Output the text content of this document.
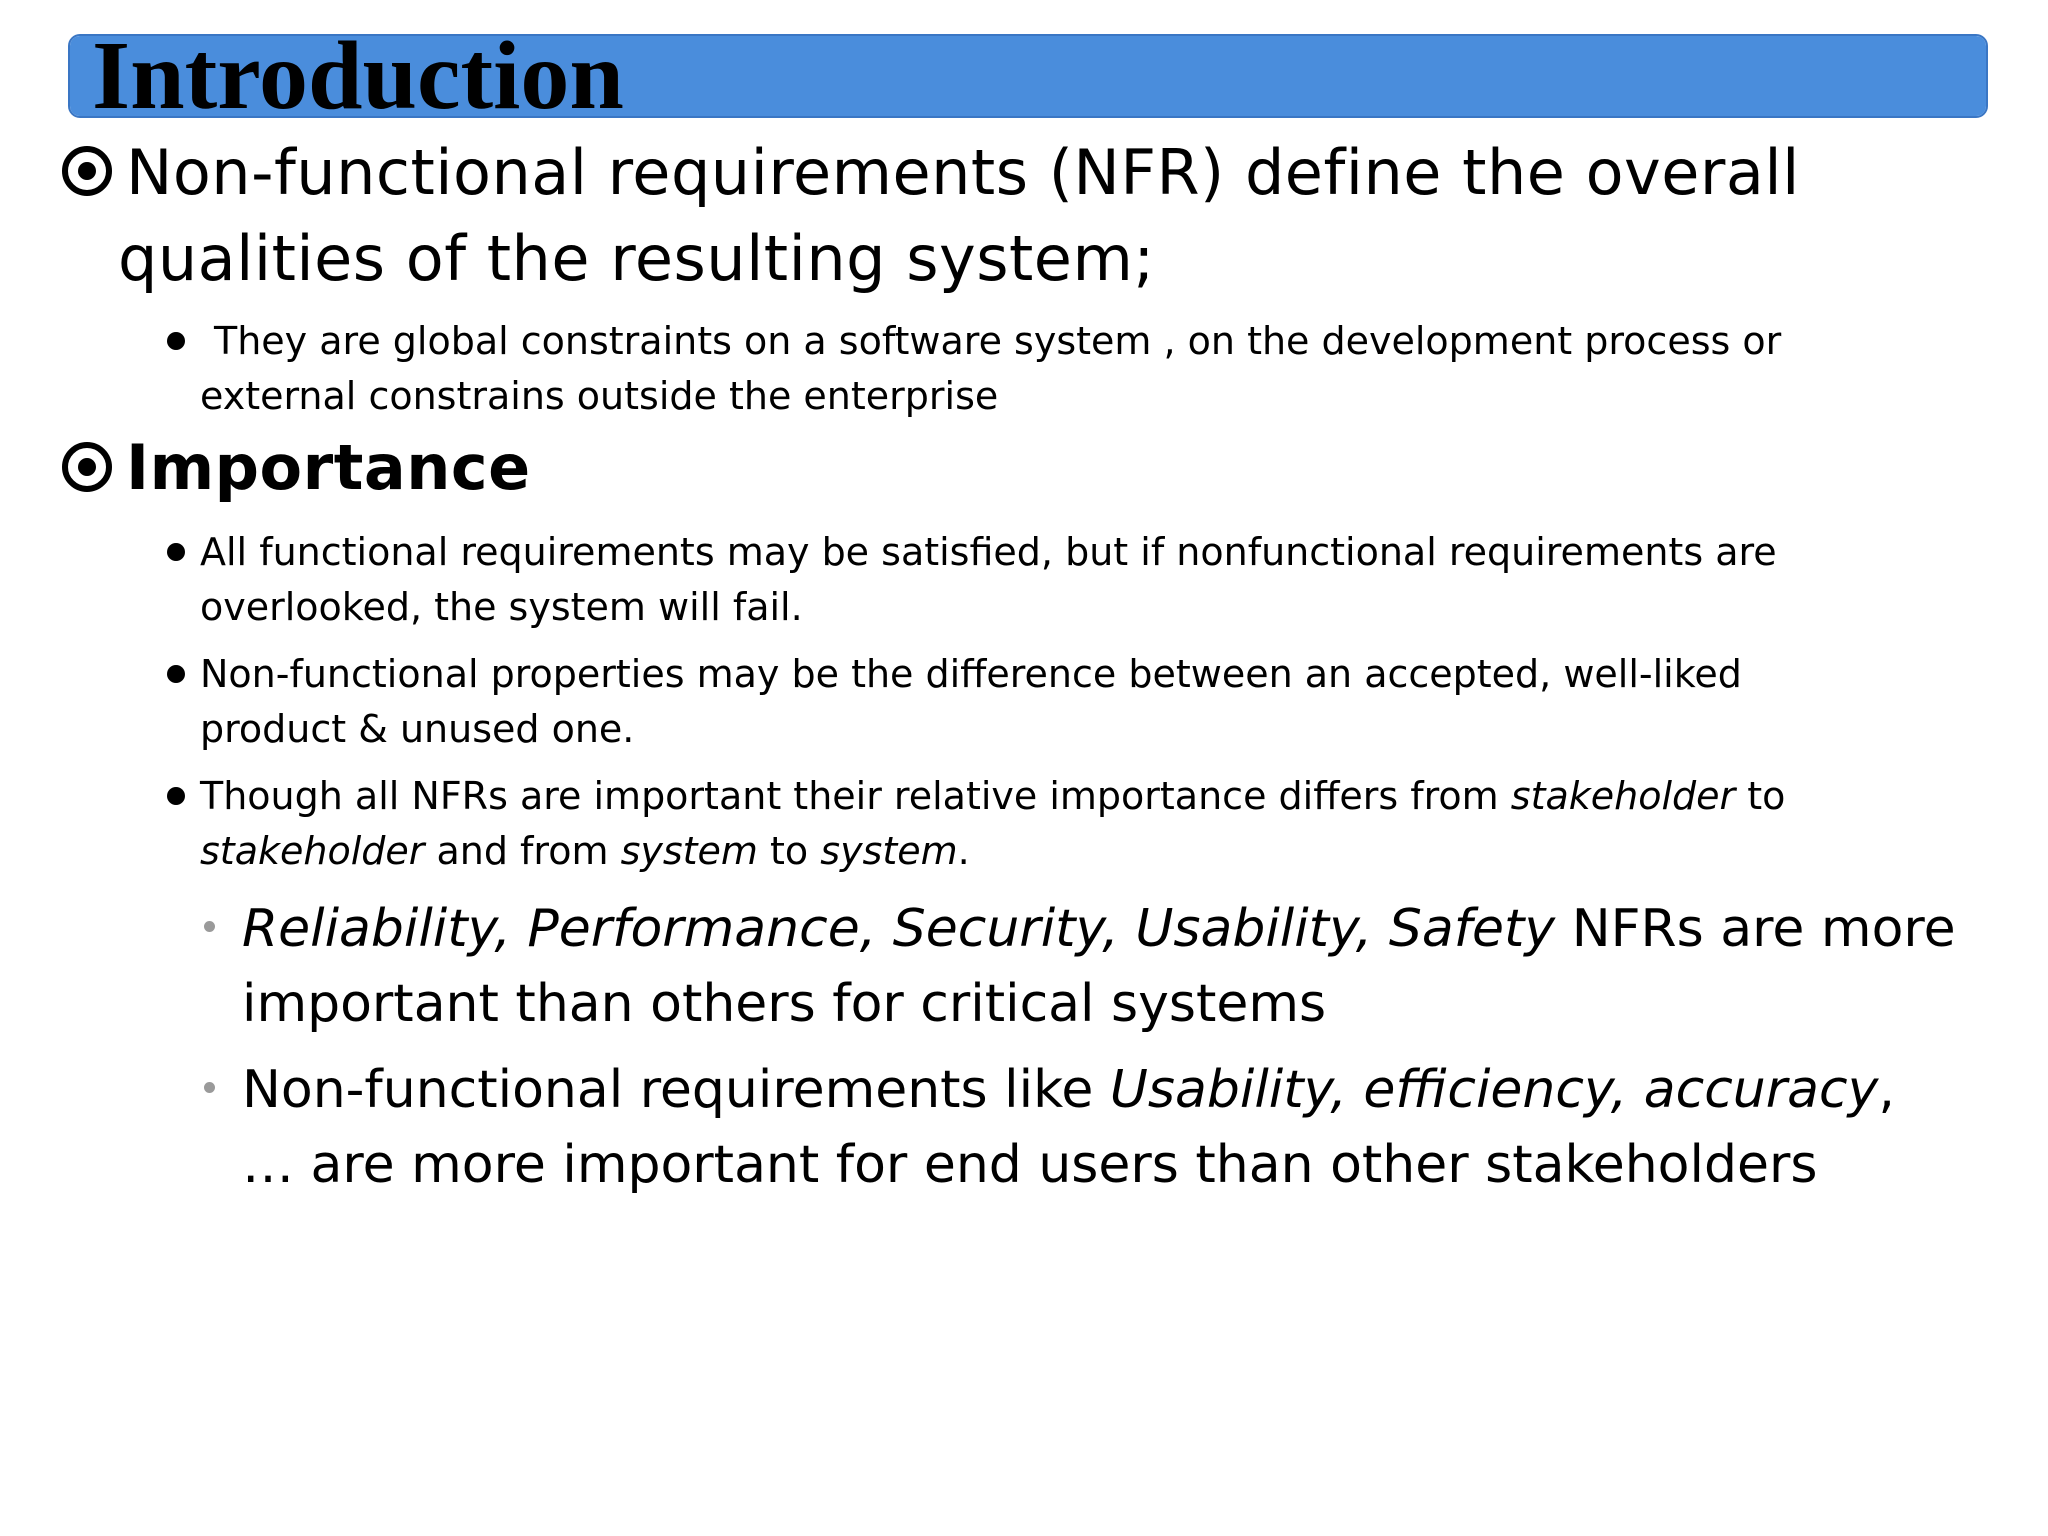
Introduction
Non-functional requirements (NFR) define the overall
qualities of the resulting system;
They are global constraints on a software system , on the development process or
external constrains outside the enterprise
Importance
All functional requirements may be satisfied, but if nonfunctional requirements are
overlooked, the system will fail.
Non-functional properties may be the difference between an accepted, well-liked
product & unused one.
Though all NFRs are important their relative importance differs from stakeholder to
stakeholder and from system to system.
Reliability, Performance, Security, Usability, Safety NFRs are more
important than others for critical systems
Non-functional requirements like Usability, efficiency, accuracy,
… are more important for end users than other stakeholders
